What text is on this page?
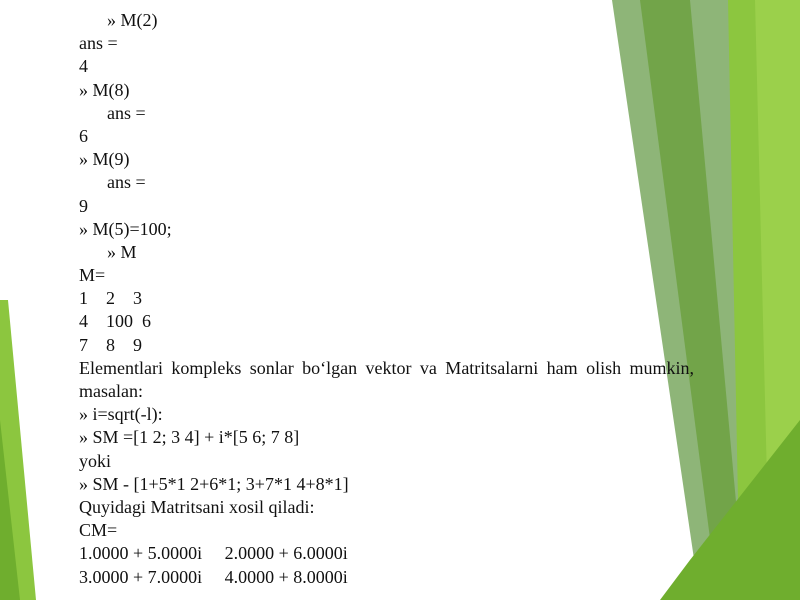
» M(2)
ans =
4
» M(8)
ans =
6
» M(9)
ans =
9
» M(5)=100;
» M
M=
1    2    3
4    100  6
7    8    9
Elementlari kompleks sonlar bo‘lgan vektor va Matritsalarni ham olish mumkin, masalan:
» i=sqrt(-l):
» SM =[1 2; 3 4] + i*[5 6; 7 8]
yoki
» SM - [1+5*1 2+6*1; 3+7*1 4+8*1]
Quyidagi Matritsani xosil qiladi:
CM=
1.0000 + 5.0000i     2.0000 + 6.0000i
3.0000 + 7.0000i     4.0000 + 8.0000i
